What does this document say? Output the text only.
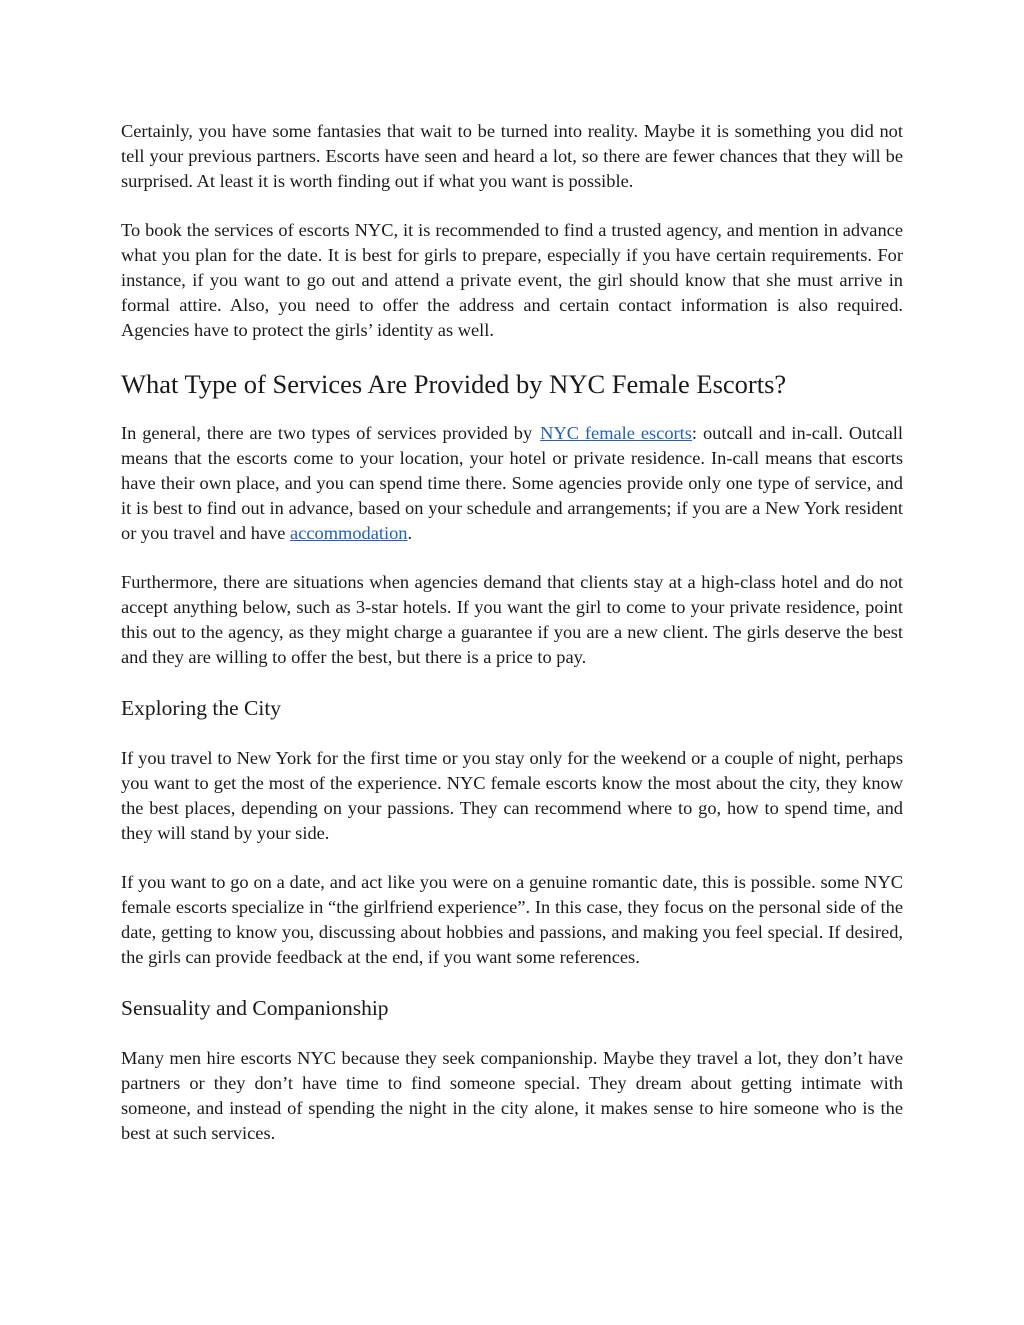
Certainly, you have some fantasies that wait to be turned into reality. Maybe it is something you did not tell your previous partners. Escorts have seen and heard a lot, so there are fewer chances that they will be surprised. At least it is worth finding out if what you want is possible.

To book the services of escorts NYC, it is recommended to find a trusted agency, and mention in advance what you plan for the date. It is best for girls to prepare, especially if you have certain requirements. For instance, if you want to go out and attend a private event, the girl should know that she must arrive in formal attire. Also, you need to offer the address and certain contact information is also required. Agencies have to protect the girls’ identity as well.

What Type of Services Are Provided by NYC Female Escorts?

In general, there are two types of services provided by NYC female escorts: outcall and in-call. Outcall means that the escorts come to your location, your hotel or private residence. In-call means that escorts have their own place, and you can spend time there. Some agencies provide only one type of service, and it is best to find out in advance, based on your schedule and arrangements; if you are a New York resident or you travel and have accommodation.

Furthermore, there are situations when agencies demand that clients stay at a high-class hotel and do not accept anything below, such as 3-star hotels. If you want the girl to come to your private residence, point this out to the agency, as they might charge a guarantee if you are a new client. The girls deserve the best and they are willing to offer the best, but there is a price to pay.

Exploring the City

If you travel to New York for the first time or you stay only for the weekend or a couple of night, perhaps you want to get the most of the experience. NYC female escorts know the most about the city, they know the best places, depending on your passions. They can recommend where to go, how to spend time, and they will stand by your side.

If you want to go on a date, and act like you were on a genuine romantic date, this is possible. some NYC female escorts specialize in “the girlfriend experience”. In this case, they focus on the personal side of the date, getting to know you, discussing about hobbies and passions, and making you feel special. If desired, the girls can provide feedback at the end, if you want some references.

Sensuality and Companionship

Many men hire escorts NYC because they seek companionship. Maybe they travel a lot, they don’t have partners or they don’t have time to find someone special. They dream about getting intimate with someone, and instead of spending the night in the city alone, it makes sense to hire someone who is the best at such services.
